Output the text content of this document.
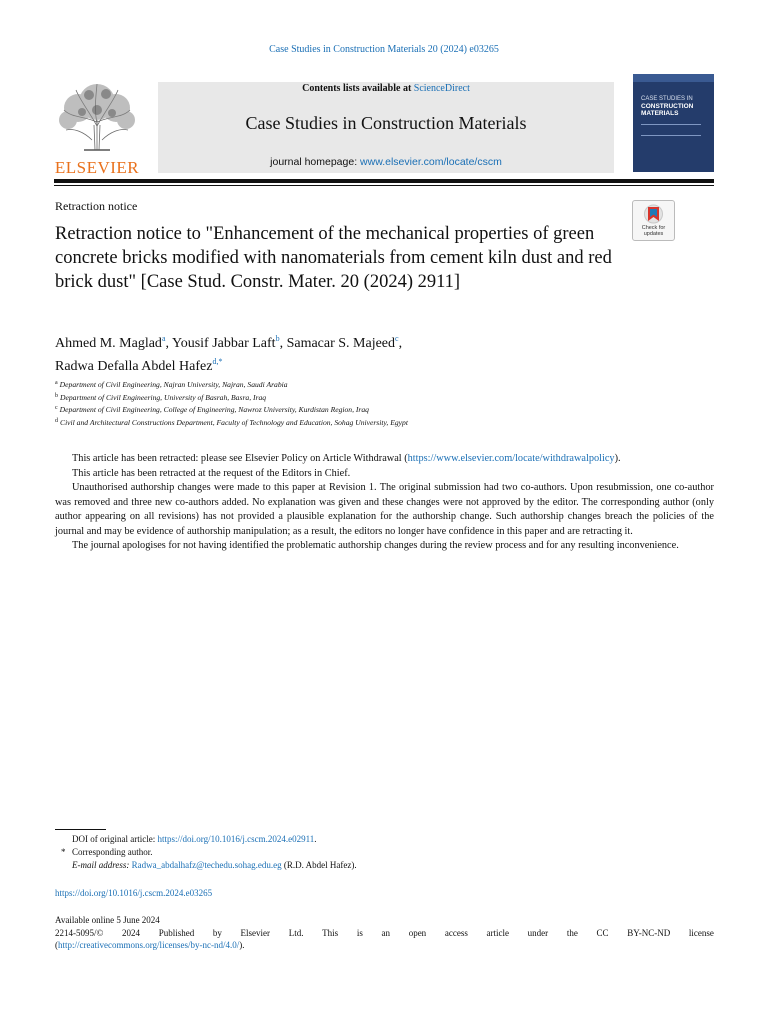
Case Studies in Construction Materials 20 (2024) e03265
ELSEVIER
Contents lists available at ScienceDirect
Case Studies in Construction Materials
journal homepage: www.elsevier.com/locate/cscm
CASE STUDIES IN
CONSTRUCTION
MATERIALS
Retraction notice
Check for
updates
Retraction notice to "Enhancement of the mechanical properties of green concrete bricks modified with nanomaterials from cement kiln dust and red brick dust" [Case Stud. Constr. Mater. 20 (2024) 2911]
Ahmed M. Maglad$^a$, Yousif Jabbar Laft$^b$, Samacar S. Majeed$^c$,
Radwa Defalla Abdel Hafez$^{d,*}$
$^a$ Department of Civil Engineering, Najran University, Najran, Saudi Arabia
$^b$ Department of Civil Engineering, University of Basrah, Basra, Iraq
$^c$ Department of Civil Engineering, College of Engineering, Nawroz University, Kurdistan Region, Iraq
$^d$ Civil and Architectural Constructions Department, Faculty of Technology and Education, Sohag University, Egypt

This article has been retracted: please see Elsevier Policy on Article Withdrawal (https://www.elsevier.com/locate/withdrawalpolicy).

This article has been retracted at the request of the Editors in Chief.

Unauthorised authorship changes were made to this paper at Revision 1. The original submission had two co-authors. Upon resubmission, one co-author was removed and three new co-authors added. No explanation was given and these changes were not approved by the editor. The corresponding author (only author appearing on all revisions) has not provided a plausible explanation for the authorship change. Such authorship changes breach the policies of the journal and may be evidence of authorship manipulation; as a result, the editors no longer have confidence in this paper and are retracting it.

The journal apologises for not having identified the problematic authorship changes during the review process and for any resulting inconvenience.

DOI of original article: https://doi.org/10.1016/j.cscm.2024.e02911.
* Corresponding author.
E-mail address: Radwa_abdalhafz@techedu.sohag.edu.eg (R.D. Abdel Hafez).
https://doi.org/10.1016/j.cscm.2024.e03265
Available online 5 June 2024
2214-5095/© 2024 Published by Elsevier Ltd. This is an open access article under the CC BY-NC-ND license
(http://creativecommons.org/licenses/by-nc-nd/4.0/).
